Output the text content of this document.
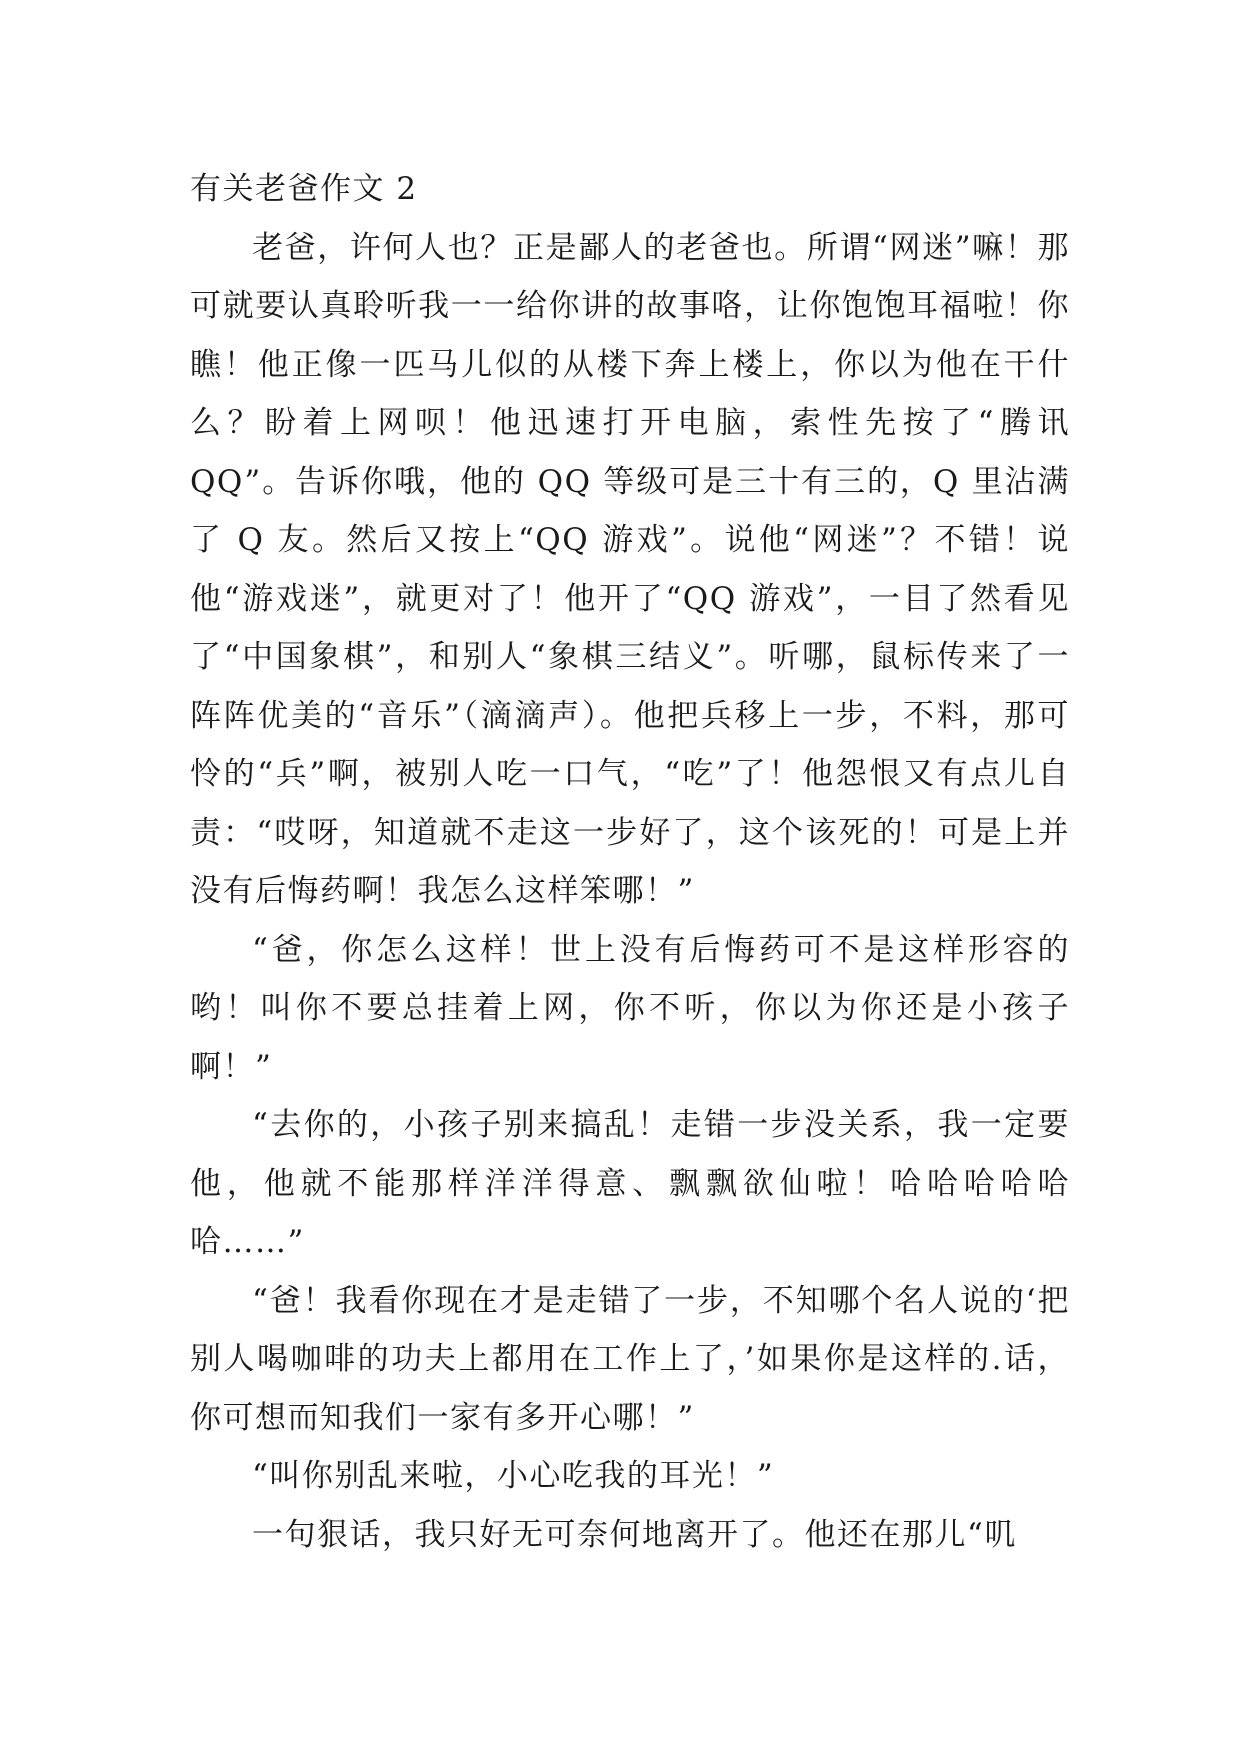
有关老爸作文 2

老爸，许何人也？正是鄙人的老爸也。所谓“网迷”嘛！那可就要认真聆听我一一给你讲的故事咯，让你饱饱耳福啦！你瞧！他正像一匹马儿似的从楼下奔上楼上，你以为他在干什么？盼着上网呗！他迅速打开电脑，索性先按了“腾讯 QQ”。告诉你哦，他的 QQ 等级可是三十有三的，Q 里沾满了 Q 友。然后又按上“QQ 游戏”。说他“网迷”？不错！说他“游戏迷”，就更对了！他开了“QQ 游戏”，一目了然看见了“中国象棋”，和别人“象棋三结义”。听哪，鼠标传来了一阵阵优美的“音乐”（滴滴声）。他把兵移上一步，不料，那可怜的“兵”啊，被别人吃一口气，“吃”了！他怨恨又有点儿自责：“哎呀，知道就不走这一步好了，这个该死的！可是上并没有后悔药啊！我怎么这样笨哪！”

“爸，你怎么这样！世上没有后悔药可不是这样形容的哟！叫你不要总挂着上网，你不听，你以为你还是小孩子啊！”

“去你的，小孩子别来搞乱！走错一步没关系，我一定要他，他就不能那样洋洋得意、飘飘欲仙啦！哈哈哈哈哈哈……”

“爸！我看你现在才是走错了一步，不知哪个名人说的‘把别人喝咖啡的功夫上都用在工作上了，’如果你是这样的.话，你可想而知我们一家有多开心哪！”

“叫你别乱来啦，小心吃我的耳光！”

一句狠话，我只好无可奈何地离开了。他还在那儿“叽
